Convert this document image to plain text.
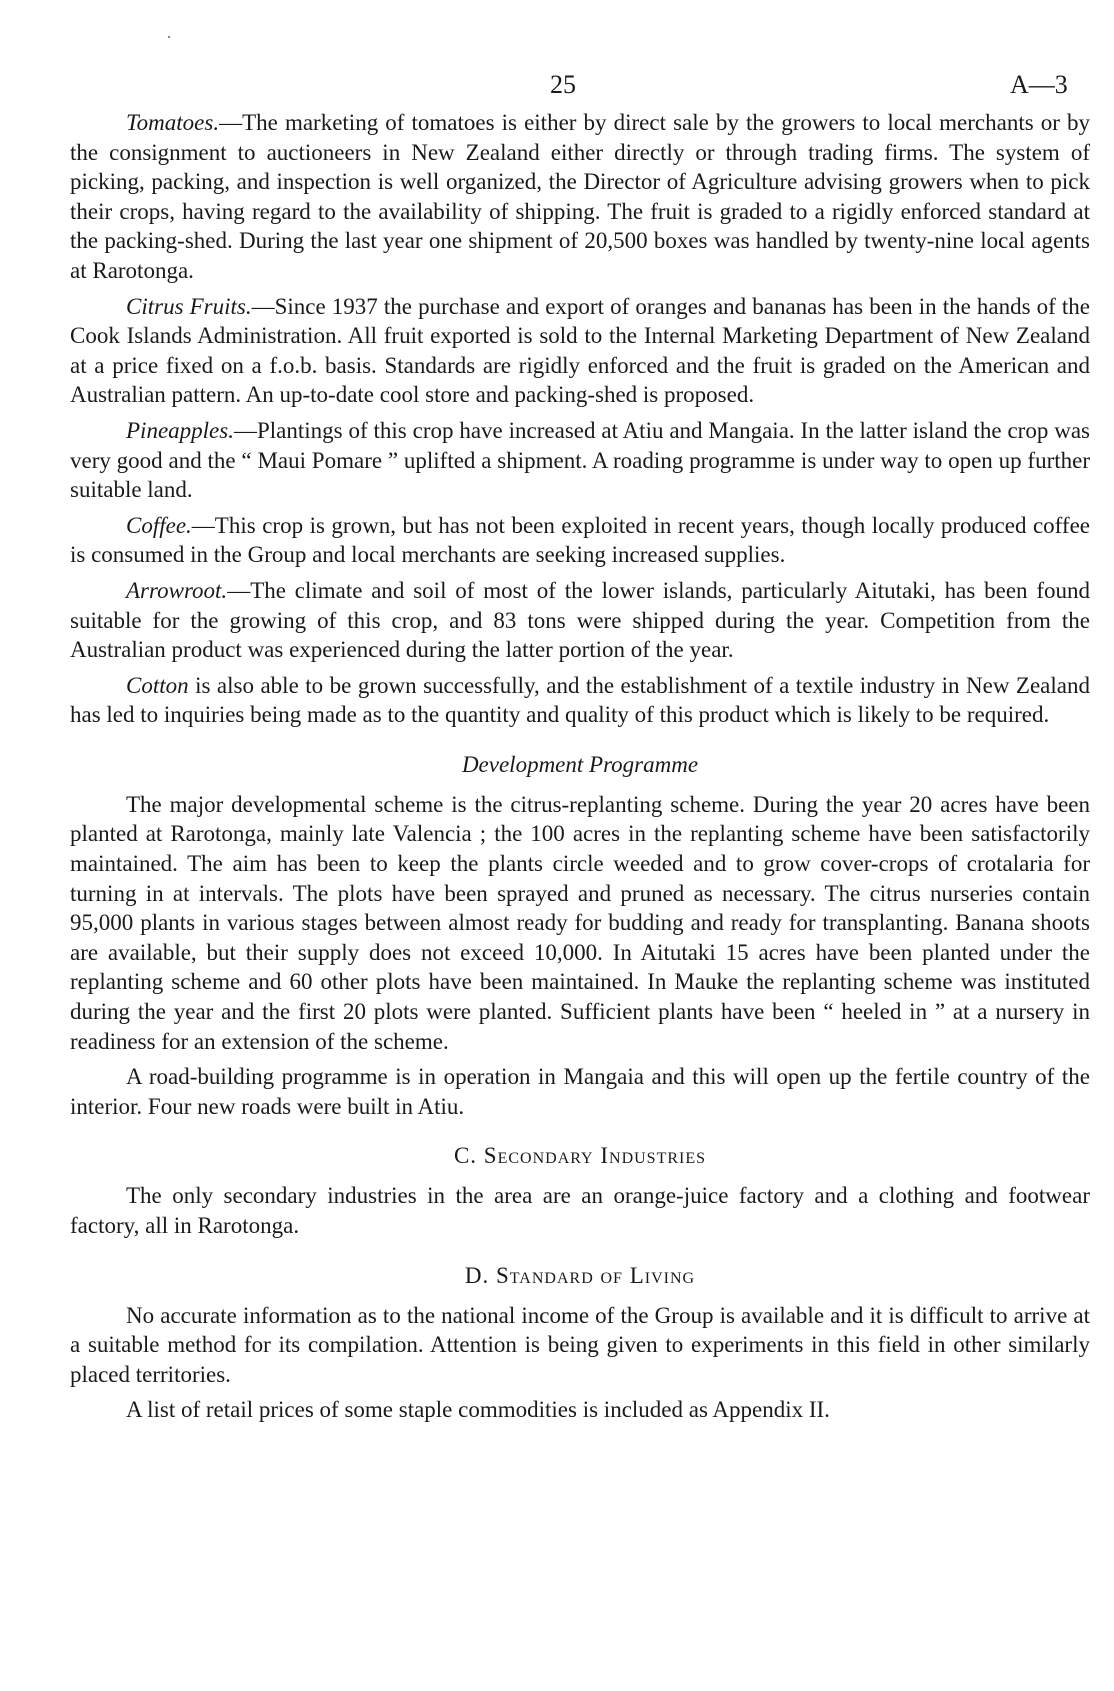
25	A—3

Tomatoes.—The marketing of tomatoes is either by direct sale by the growers to local merchants or by the consignment to auctioneers in New Zealand either directly or through trading firms. The system of picking, packing, and inspection is well organized, the Director of Agriculture advising growers when to pick their crops, having regard to the availability of shipping. The fruit is graded to a rigidly enforced standard at the packing-shed. During the last year one shipment of 20,500 boxes was handled by twenty-nine local agents at Rarotonga.

Citrus Fruits.—Since 1937 the purchase and export of oranges and bananas has been in the hands of the Cook Islands Administration. All fruit exported is sold to the Internal Marketing Department of New Zealand at a price fixed on a f.o.b. basis. Standards are rigidly enforced and the fruit is graded on the American and Australian pattern. An up-to-date cool store and packing-shed is proposed.

Pineapples.—Plantings of this crop have increased at Atiu and Mangaia. In the latter island the crop was very good and the “ Maui Pomare ” uplifted a shipment. A roading programme is under way to open up further suitable land.

Coffee.—This crop is grown, but has not been exploited in recent years, though locally produced coffee is consumed in the Group and local merchants are seeking increased supplies.

Arrowroot.—The climate and soil of most of the lower islands, particularly Aitutaki, has been found suitable for the growing of this crop, and 83 tons were shipped during the year. Competition from the Australian product was experienced during the latter portion of the year.

Cotton is also able to be grown successfully, and the establishment of a textile industry in New Zealand has led to inquiries being made as to the quantity and quality of this product which is likely to be required.

Development Programme

The major developmental scheme is the citrus-replanting scheme. During the year 20 acres have been planted at Rarotonga, mainly late Valencia ; the 100 acres in the replanting scheme have been satisfactorily maintained. The aim has been to keep the plants circle weeded and to grow cover-crops of crotalaria for turning in at intervals. The plots have been sprayed and pruned as necessary. The citrus nurseries contain 95,000 plants in various stages between almost ready for budding and ready for transplanting. Banana shoots are available, but their supply does not exceed 10,000. In Aitutaki 15 acres have been planted under the replanting scheme and 60 other plots have been maintained. In Mauke the replanting scheme was instituted during the year and the first 20 plots were planted. Sufficient plants have been “ heeled in ” at a nursery in readiness for an extension of the scheme.

A road-building programme is in operation in Mangaia and this will open up the fertile country of the interior. Four new roads were built in Atiu.

C. Secondary Industries

The only secondary industries in the area are an orange-juice factory and a clothing and footwear factory, all in Rarotonga.

D. Standard of Living

No accurate information as to the national income of the Group is available and it is difficult to arrive at a suitable method for its compilation. Attention is being given to experiments in this field in other similarly placed territories.

A list of retail prices of some staple commodities is included as Appendix II.
